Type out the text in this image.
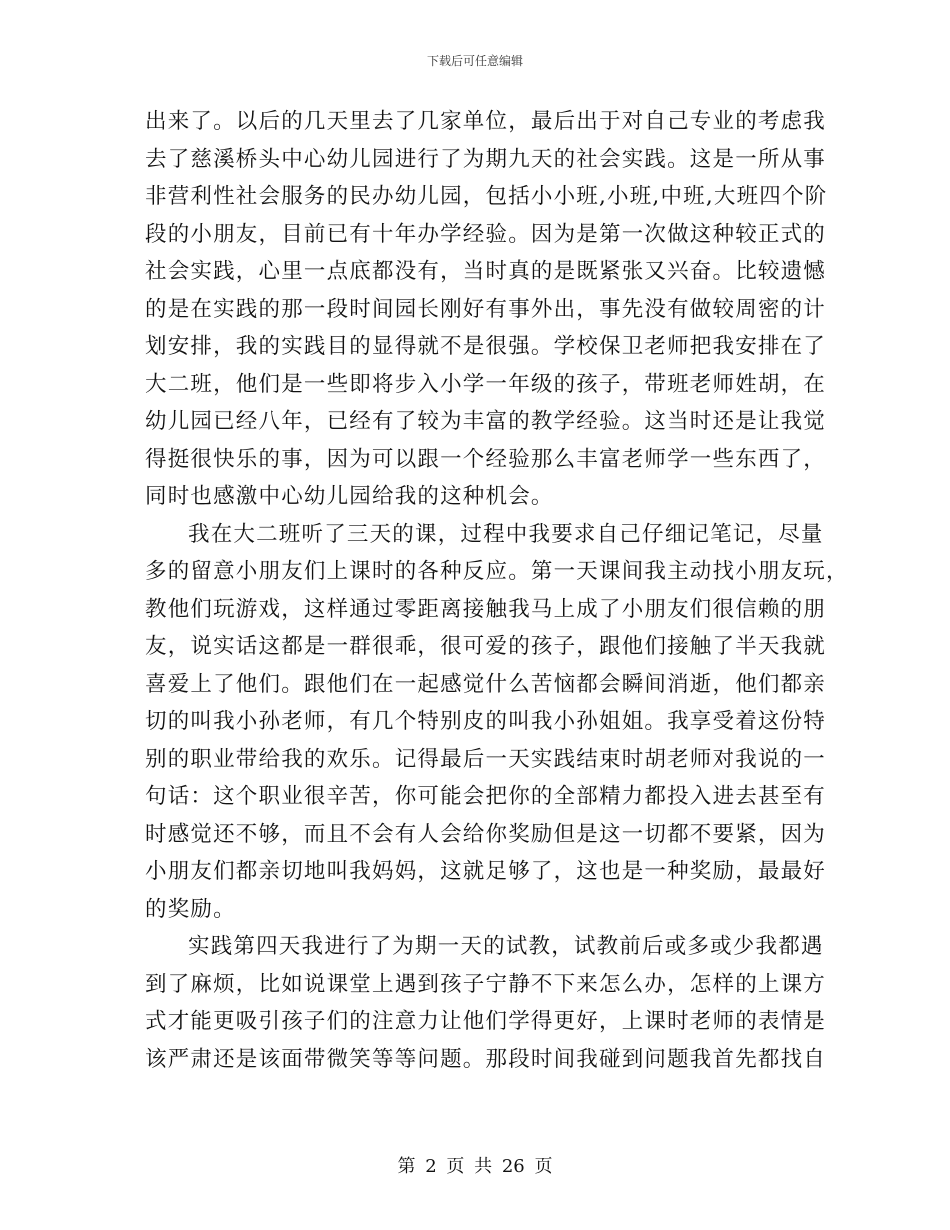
下载后可任意编辑
出来了。以后的几天里去了几家单位，最后出于对自己专业的考虑我
去了慈溪桥头中心幼儿园进行了为期九天的社会实践。这是一所从事
非营利性社会服务的民办幼儿园，包括小小班,小班,中班,大班四个阶
段的小朋友，目前已有十年办学经验。因为是第一次做这种较正式的
社会实践，心里一点底都没有，当时真的是既紧张又兴奋。比较遗憾
的是在实践的那一段时间园长刚好有事外出，事先没有做较周密的计
划安排，我的实践目的显得就不是很强。学校保卫老师把我安排在了
大二班，他们是一些即将步入小学一年级的孩子，带班老师姓胡，在
幼儿园已经八年，已经有了较为丰富的教学经验。这当时还是让我觉
得挺很快乐的事，因为可以跟一个经验那么丰富老师学一些东西了，
同时也感激中心幼儿园给我的这种机会。
我在大二班听了三天的课，过程中我要求自己仔细记笔记，尽量
多的留意小朋友们上课时的各种反应。第一天课间我主动找小朋友玩，
教他们玩游戏，这样通过零距离接触我马上成了小朋友们很信赖的朋
友，说实话这都是一群很乖，很可爱的孩子，跟他们接触了半天我就
喜爱上了他们。跟他们在一起感觉什么苦恼都会瞬间消逝，他们都亲
切的叫我小孙老师，有几个特别皮的叫我小孙姐姐。我享受着这份特
别的职业带给我的欢乐。记得最后一天实践结束时胡老师对我说的一
句话：这个职业很辛苦，你可能会把你的全部精力都投入进去甚至有
时感觉还不够，而且不会有人会给你奖励但是这一切都不要紧，因为
小朋友们都亲切地叫我妈妈，这就足够了，这也是一种奖励，最最好
的奖励。
实践第四天我进行了为期一天的试教，试教前后或多或少我都遇
到了麻烦，比如说课堂上遇到孩子宁静不下来怎么办，怎样的上课方
式才能更吸引孩子们的注意力让他们学得更好，上课时老师的表情是
该严肃还是该面带微笑等等问题。那段时间我碰到问题我首先都找自
第 2 页 共 26 页
